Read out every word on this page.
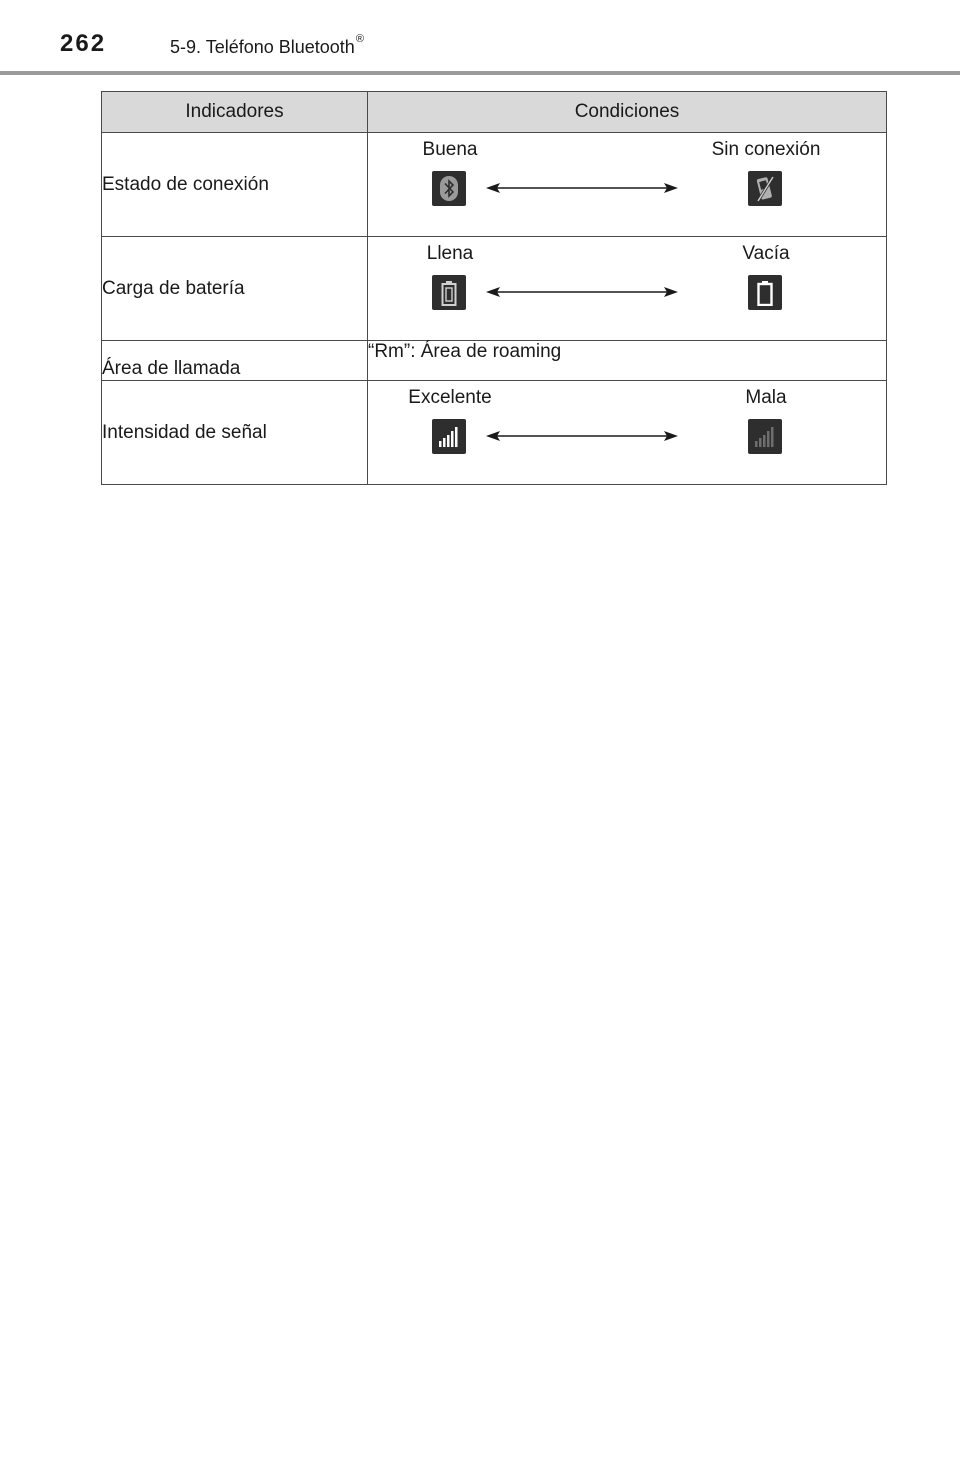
262	5-9. Teléfono Bluetooth®
Indicadores	Condiciones
Estado de conexión	Buena Sin conexión

Carga de batería	Llena Vacía

Área de llamada	“Rm”: Área de roaming
Intensidad de señal	Excelente Mala
